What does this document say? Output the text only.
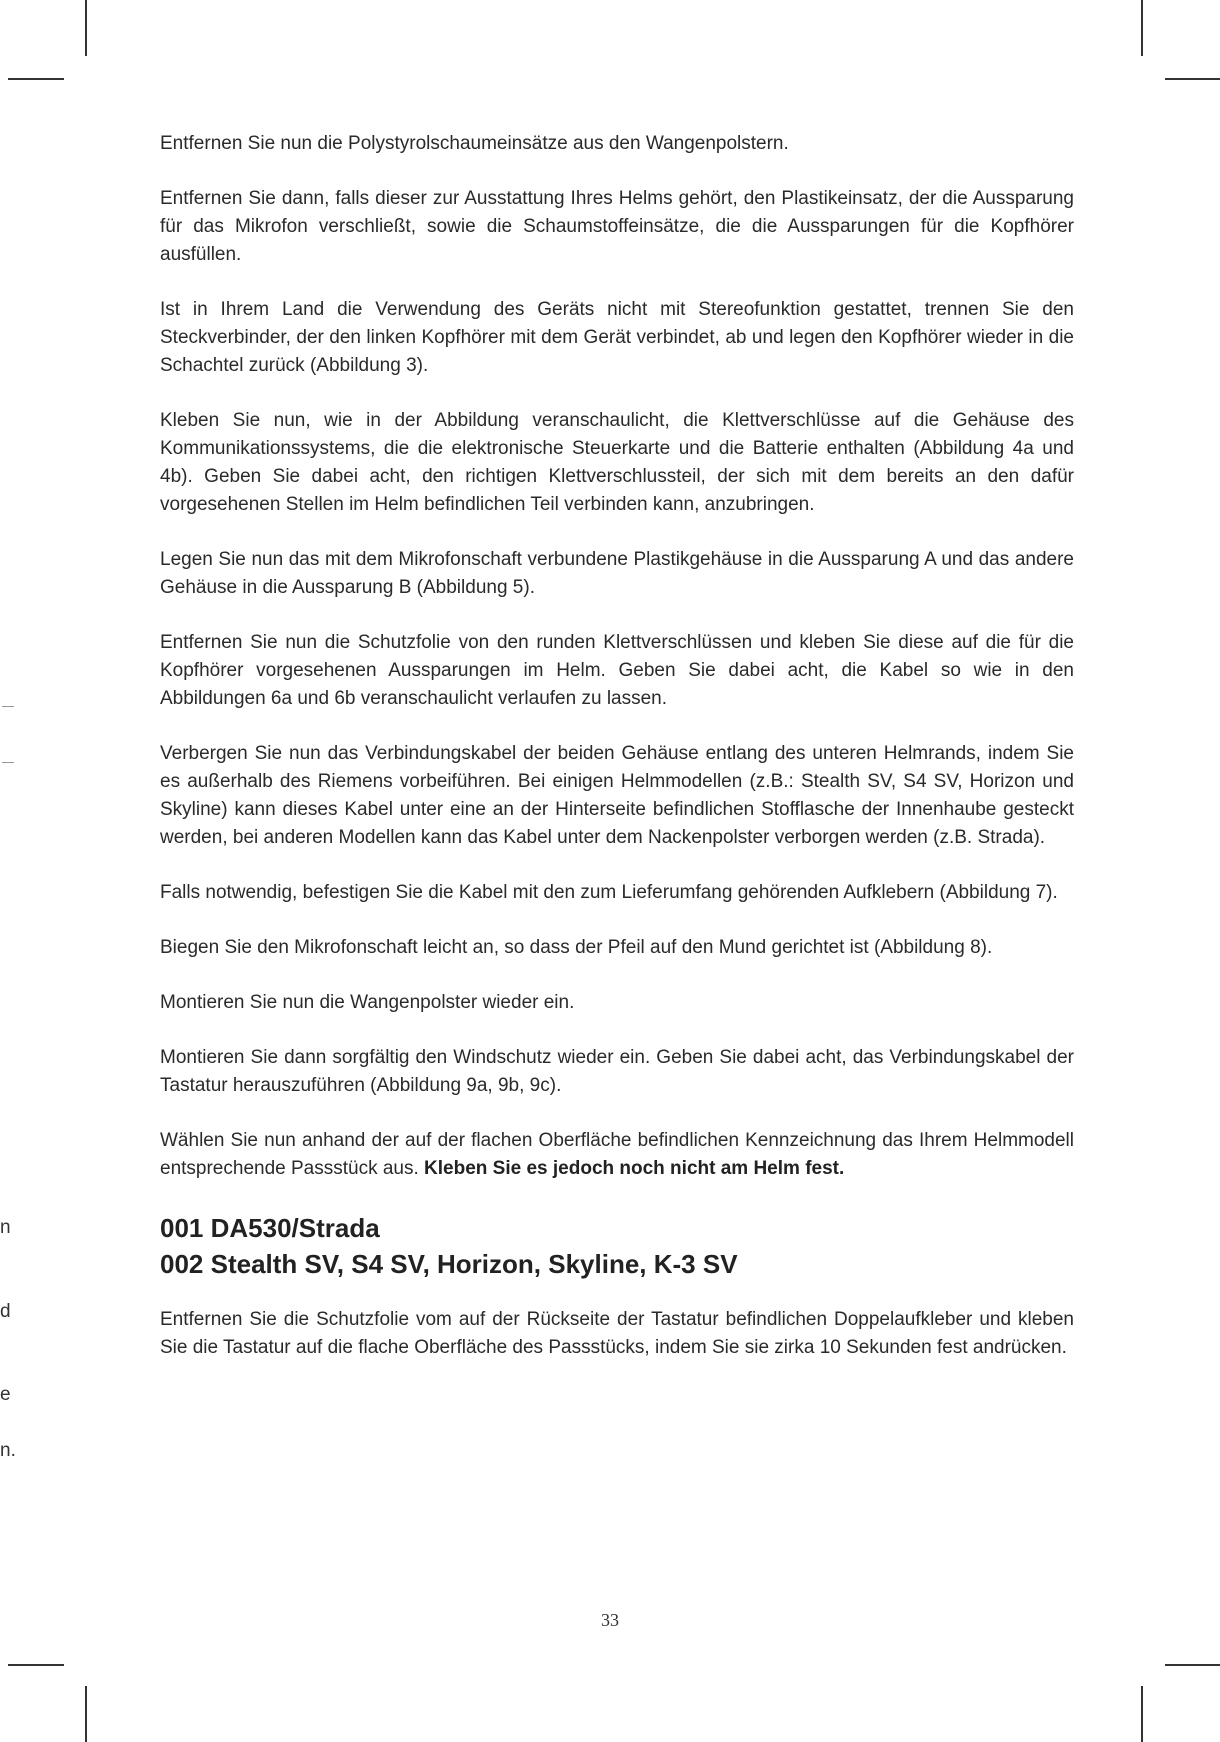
n
d
e
n.

Entfernen Sie nun die Polystyrolschaumeinsätze aus den Wangenpolstern.

Entfernen Sie dann, falls dieser zur Ausstattung Ihres Helms gehört, den Plastikeinsatz, der die Aussparung für das Mikrofon verschließt, sowie die Schaumstoffeinsätze, die die Aussparungen für die Kopfhörer ausfüllen.

Ist in Ihrem Land die Verwendung des Geräts nicht mit Stereofunktion gestattet, trennen Sie den Steckverbinder, der den linken Kopfhörer mit dem Gerät verbindet, ab und legen den Kopfhörer wieder in die Schachtel zurück (Abbildung 3).

Kleben Sie nun, wie in der Abbildung veranschaulicht, die Klettverschlüsse auf die Gehäuse des Kommunikationssystems, die die elektronische Steuerkarte und die Batterie enthalten (Abbildung 4a und 4b). Geben Sie dabei acht, den richtigen Klettverschlussteil, der sich mit dem bereits an den dafür vorgesehenen Stellen im Helm befindlichen Teil verbinden kann, anzubringen.

Legen Sie nun das mit dem Mikrofonschaft verbundene Plastikgehäuse in die Aussparung A und das andere Gehäuse in die Aussparung B (Abbildung 5).

Entfernen Sie nun die Schutzfolie von den runden Klettverschlüssen und kleben Sie diese auf die für die Kopfhörer vorgesehenen Aussparungen im Helm. Geben Sie dabei acht, die Kabel so wie in den Abbildungen 6a und 6b veranschaulicht verlaufen zu lassen.

Verbergen Sie nun das Verbindungskabel der beiden Gehäuse entlang des unteren Helmrands, indem Sie es außerhalb des Riemens vorbeiführen. Bei einigen Helmmodellen (z.B.: Stealth SV, S4 SV, Horizon und Skyline) kann dieses Kabel unter eine an der Hinterseite befindlichen Stofflasche der Innenhaube gesteckt werden, bei anderen Modellen kann das Kabel unter dem Nackenpolster verborgen werden (z.B. Strada).

Falls notwendig, befestigen Sie die Kabel mit den zum Lieferumfang gehörenden Aufklebern (Abbildung 7).

Biegen Sie den Mikrofonschaft leicht an, so dass der Pfeil auf den Mund gerichtet ist (Abbildung 8).

Montieren Sie nun die Wangenpolster wieder ein.

Montieren Sie dann sorgfältig den Windschutz wieder ein. Geben Sie dabei acht, das Verbindungskabel der Tastatur herauszuführen (Abbildung 9a, 9b, 9c).

Wählen Sie nun anhand der auf der flachen Oberfläche befindlichen Kennzeichnung das Ihrem Helmmodell entsprechende Passstück aus. Kleben Sie es jedoch noch nicht am Helm fest.

001 DA530/Strada
002 Stealth SV, S4 SV, Horizon, Skyline, K-3 SV

Entfernen Sie die Schutzfolie vom auf der Rückseite der Tastatur befindlichen Doppelaufkleber und kleben Sie die Tastatur auf die flache Oberfläche des Passstücks, indem Sie sie zirka 10 Sekunden fest andrücken.

33
